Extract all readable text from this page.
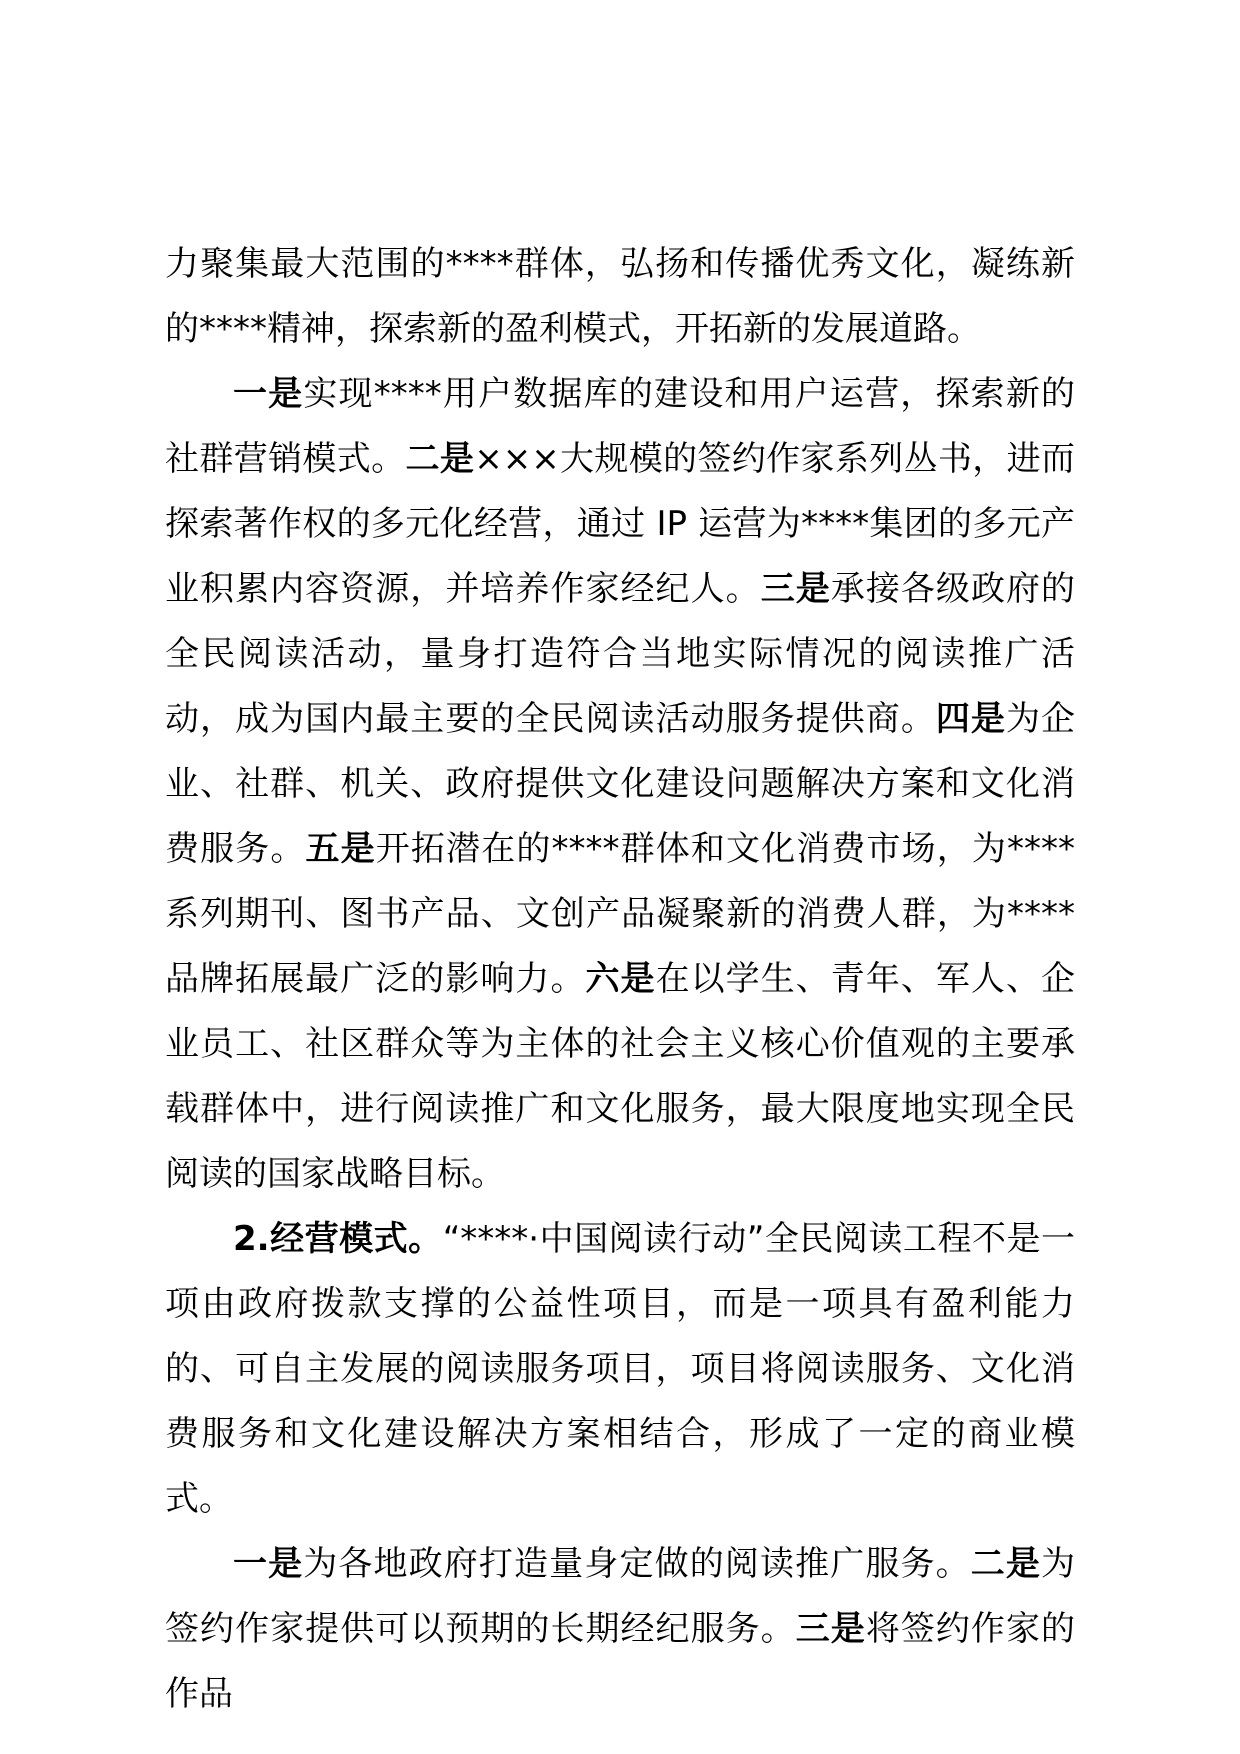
力聚集最大范围的****群体，弘扬和传播优秀文化，凝练新的****精神，探索新的盈利模式，开拓新的发展道路。

一是实现****用户数据库的建设和用户运营，探索新的社群营销模式。二是×××大规模的签约作家系列丛书，进而探索著作权的多元化经营，通过 IP 运营为****集团的多元产业积累内容资源，并培养作家经纪人。三是承接各级政府的全民阅读活动，量身打造符合当地实际情况的阅读推广活动，成为国内最主要的全民阅读活动服务提供商。四是为企业、社群、机关、政府提供文化建设问题解决方案和文化消费服务。五是开拓潜在的****群体和文化消费市场，为****系列期刊、图书产品、文创产品凝聚新的消费人群，为****品牌拓展最广泛的影响力。六是在以学生、青年、军人、企业员工、社区群众等为主体的社会主义核心价值观的主要承载群体中，进行阅读推广和文化服务，最大限度地实现全民阅读的国家战略目标。

2.经营模式。“****·中国阅读行动”全民阅读工程不是一项由政府拨款支撑的公益性项目，而是一项具有盈利能力的、可自主发展的阅读服务项目，项目将阅读服务、文化消费服务和文化建设解决方案相结合，形成了一定的商业模式。

一是为各地政府打造量身定做的阅读推广服务。二是为签约作家提供可以预期的长期经纪服务。三是将签约作家的作品
